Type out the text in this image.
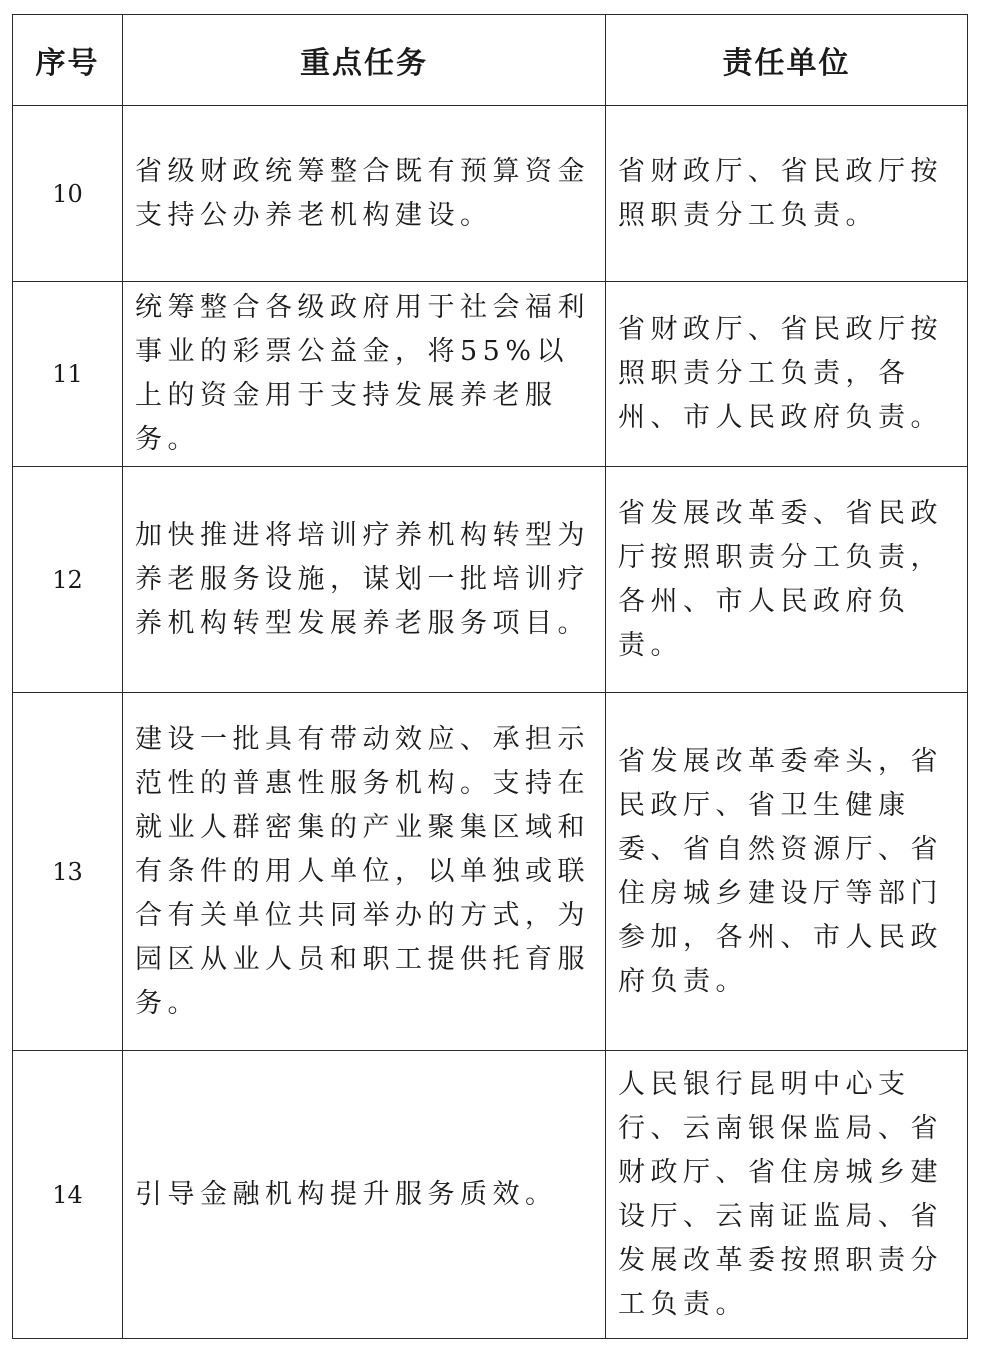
序号	重点任务	责任单位
10	省级财政统筹整合既有预算资金支持公办养老机构建设。	省财政厅、省民政厅按照职责分工负责。

11	统筹整合各级政府用于社会福利事业的彩票公益金，将55%以上的资金用于支持发展养老服务。	省财政厅、省民政厅按照职责分工负责，各州、市人民政府负责。

12	加快推进将培训疗养机构转型为养老服务设施，谋划一批培训疗养机构转型发展养老服务项目。	省发展改革委、省民政厅按照职责分工负责，各州、市人民政府负责。

13	建设一批具有带动效应、承担示范性的普惠性服务机构。支持在就业人群密集的产业聚集区域和有条件的用人单位，以单独或联合有关单位共同举办的方式，为园区从业人员和职工提供托育服务。	省发展改革委牵头，省民政厅、省卫生健康委、省自然资源厅、省住房城乡建设厅等部门参加，各州、市人民政府负责。

14	引导金融机构提升服务质效。	人民银行昆明中心支行、云南银保监局、省财政厅、省住房城乡建设厅、云南证监局、省发展改革委按照职责分工负责。
